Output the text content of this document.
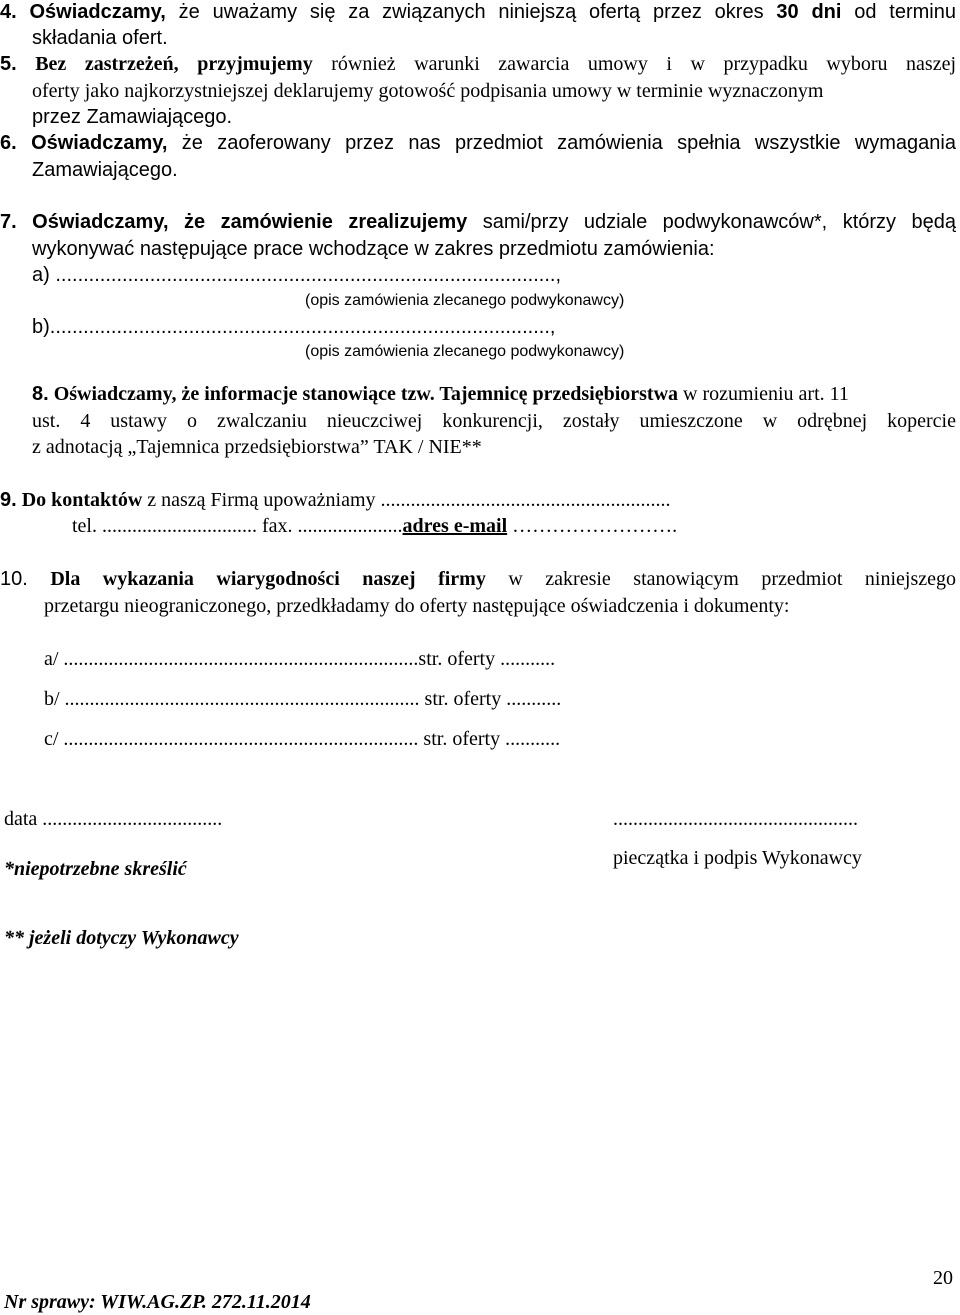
4. Oświadczamy, że uważamy się za związanych niniejszą ofertą przez okres 30 dni od terminu
składania ofert.
5. Bez zastrzeżeń, przyjmujemy również warunki zawarcia umowy i w przypadku wyboru naszej
oferty jako najkorzystniejszej deklarujemy gotowość podpisania umowy w terminie wyznaczonym
przez Zamawiającego.
6. Oświadczamy, że zaoferowany przez nas przedmiot zamówienia spełnia wszystkie wymagania
Zamawiającego.
7. Oświadczamy, że zamówienie zrealizujemy sami/przy udziale podwykonawców*, którzy będą
wykonywać następujące prace wchodzące w zakres przedmiotu zamówienia:
a) ..........................................................................................,
(opis zamówienia zlecanego podwykonawcy)
b)..........................................................................................,
(opis zamówienia zlecanego podwykonawcy)
8. Oświadczamy, że informacje stanowiące tzw. Tajemnicę przedsiębiorstwa w rozumieniu art. 11
ust. 4 ustawy o zwalczaniu nieuczciwej konkurencji, zostały umieszczone w odrębnej kopercie
z adnotacją „Tajemnica przedsiębiorstwa” TAK / NIE**
9. Do kontaktów z naszą Firmą upoważniamy ..........................................................
tel. ............................... fax. .....................adres e-mail …………………….
10. Dla wykazania wiarygodności naszej firmy w zakresie stanowiącym przedmiot niniejszego
przetargu nieograniczonego, przedkładamy do oferty następujące oświadczenia i dokumenty:
a/ .......................................................................str. oferty ...........
b/ ....................................................................... str. oferty ...........
c/ ....................................................................... str. oferty ...........
data ....................................	.................................................
pieczątka i podpis Wykonawcy
*niepotrzebne skreślić
** jeżeli dotyczy Wykonawcy
20
Nr sprawy: WIW.AG.ZP. 272.11.2014
